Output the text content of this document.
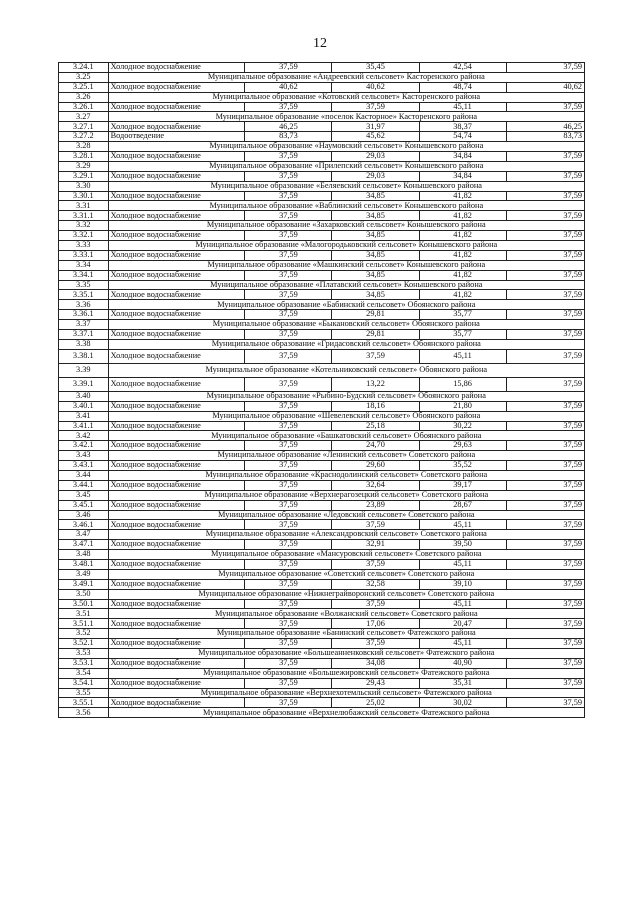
12
3.24.1	Холодное водоснабжение	37,59	35,45	42,54	37,59
3.25	Муниципальное образование «Андреевский сельсовет» Касторенского района				
3.25.1	Холодное водоснабжение	40,62	40,62	48,74	40,62
3.26	Муниципальное образование «Котовский сельсовет» Касторенского района				
3.26.1	Холодное водоснабжение	37,59	37,59	45,11	37,59
3.27	Муниципальное образование «поселок Касторное» Касторенского района				
3.27.1	Холодное водоснабжение	46,25	31,97	38,37	46,25
3.27.2	Водоотведение	83,73	45,62	54,74	83,73
3.28	Муниципальное образование «Наумовский сельсовет» Конышевского района				
3.28.1	Холодное водоснабжение	37,59	29,03	34,84	37,59
3.29	Муниципальное образование «Прилепский сельсовет» Конышевского района				
3.29.1	Холодное водоснабжение	37,59	29,03	34,84	37,59
3.30	Муниципальное образование «Беляевский сельсовет» Конышевского района				
3.30.1	Холодное водоснабжение	37,59	34,85	41,82	37,59
3.31	Муниципальное образование «Ваблинский сельсовет» Конышевского района				
3.31.1	Холодное водоснабжение	37,59	34,85	41,82	37,59
3.32	Муниципальное образование «Захарковский сельсовет» Конышевского района				
3.32.1	Холодное водоснабжение	37,59	34,85	41,82	37,59
3.33	Муниципальное образование «Малогородьковский сельсовет» Конышевского района				
3.33.1	Холодное водоснабжение	37,59	34,85	41,82	37,59
3.34	Муниципальное образование «Машкинский сельсовет» Конышевского района				
3.34.1	Холодное водоснабжение	37,59	34,85	41,82	37,59
3.35	Муниципальное образование «Платавский сельсовет» Конышевского района				
3.35.1	Холодное водоснабжение	37,59	34,85	41,82	37,59
3.36	Муниципальное образование «Бабинский сельсовет» Обоянского района				
3.36.1	Холодное водоснабжение	37,59	29,81	35,77	37,59
3.37	Муниципальное образование «Быкановский сельсовет» Обоянского района				
3.37.1	Холодное водоснабжение	37,59	29,81	35,77	37,59
3.38	Муниципальное образование «Гридасовский сельсовет» Обоянского района				
3.38.1	Холодное водоснабжение	37,59	37,59	45,11	37,59
3.39	Муниципальное образование «Котельниковский сельсовет» Обоянского района				
3.39.1	Холодное водоснабжение	37,59	13,22	15,86	37,59
3.40	Муниципальное образование «Рыбино-Будский сельсовет» Обоянского района				
3.40.1	Холодное водоснабжение	37,59	18,16	21,80	37,59
3.41	Муниципальное образование «Шевелевский сельсовет» Обоянского района				
3.41.1	Холодное водоснабжение	37,59	25,18	30,22	37,59
3.42	Муниципальное образование «Башкатовский сельсовет» Обоянского района				
3.42.1	Холодное водоснабжение	37,59	24,70	29,63	37,59
3.43	Муниципальное образование «Ленинский сельсовет» Советского района				
3.43.1	Холодное водоснабжение	37,59	29,60	35,52	37,59
3.44	Муниципальное образование «Краснодолинский сельсовет» Советского района				
3.44.1	Холодное водоснабжение	37,59	32,64	39,17	37,59
3.45	Муниципальное образование «Верхнерагозецкий сельсовет» Советского района				
3.45.1	Холодное водоснабжение	37,59	23,89	28,67	37,59
3.46	Муниципальное образование «Ледовский сельсовет» Советского района				
3.46.1	Холодное водоснабжение	37,59	37,59	45,11	37,59
3.47	Муниципальное образование «Александровский сельсовет» Советского района				
3.47.1	Холодное водоснабжение	37,59	32,91	39,50	37,59
3.48	Муниципальное образование «Мансуровский сельсовет» Советского района				
3.48.1	Холодное водоснабжение	37,59	37,59	45,11	37,59
3.49	Муниципальное образование «Советский сельсовет» Советского района				
3.49.1	Холодное водоснабжение	37,59	32,58	39,10	37,59
3.50	Муниципальное образование «Нижнеграйворонский сельсовет» Советского района				
3.50.1	Холодное водоснабжение	37,59	37,59	45,11	37,59
3.51	Муниципальное образование «Волжанский сельсовет» Советского района				
3.51.1	Холодное водоснабжение	37,59	17,06	20,47	37,59
3.52	Муниципальное образование «Банинский сельсовет» Фатежского района				
3.52.1	Холодное водоснабжение	37,59	37,59	45,11	37,59
3.53	Муниципальное образование «Большеанненковский сельсовет» Фатежского района				
3.53.1	Холодное водоснабжение	37,59	34,08	40,90	37,59
3.54	Муниципальное образование «Большежировский сельсовет» Фатежского района				
3.54.1	Холодное водоснабжение	37,59	29,43	35,31	37,59
3.55	Муниципальное образование «Верхнехотемльский сельсовет» Фатежского района				
3.55.1	Холодное водоснабжение	37,59	25,02	30,02	37,59
3.56	Муниципальное образование «Верхнелюбажский сельсовет» Фатежского района				
